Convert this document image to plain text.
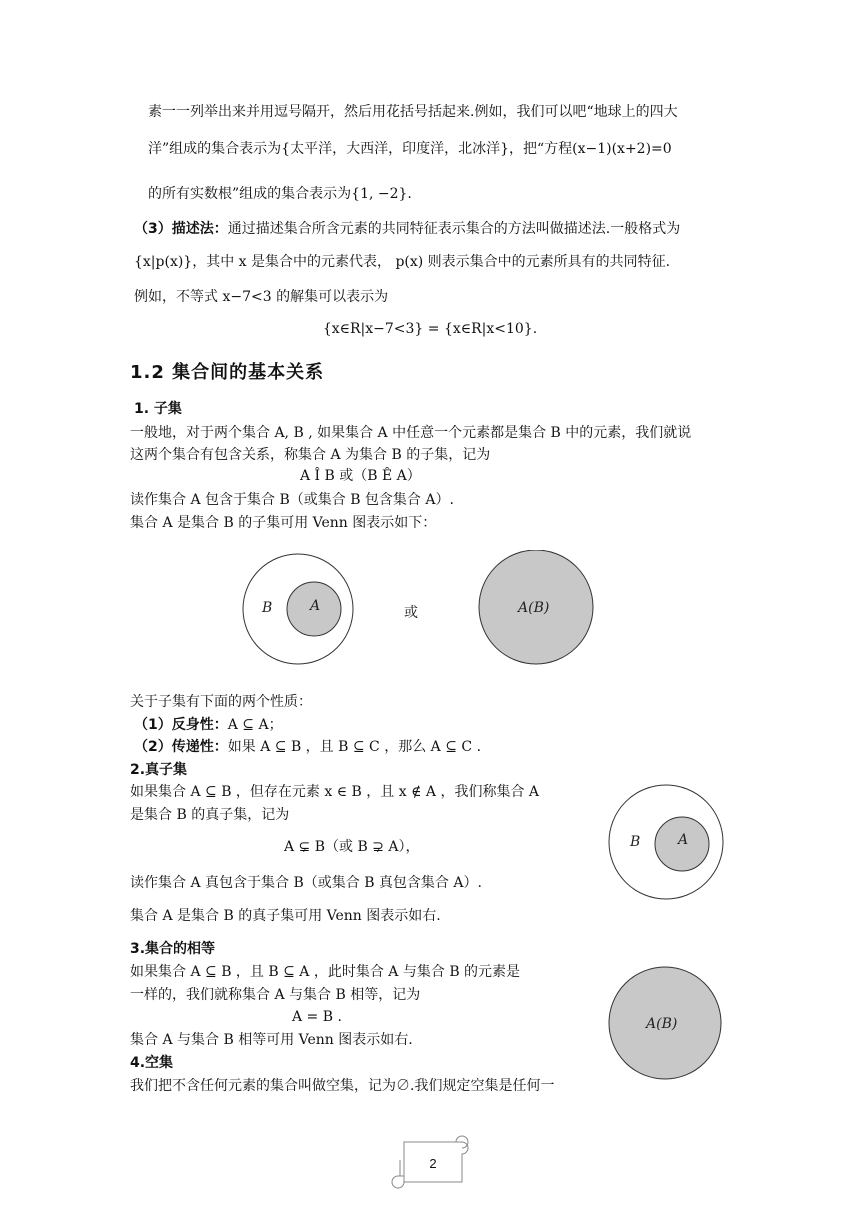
素一一列举出来并用逗号隔开，然后用花括号括起来.例如，我们可以吧“地球上的四大
洋”组成的集合表示为{太平洋，大西洋，印度洋，北冰洋}，把“方程(x−1)(x+2)=0
的所有实数根”组成的集合表示为{1, −2}.
（3）描述法：通过描述集合所含元素的共同特征表示集合的方法叫做描述法.一般格式为
{x|p(x)}，其中 x 是集合中的元素代表， p(x) 则表示集合中的元素所具有的共同特征.
例如，不等式 x−7<3 的解集可以表示为
{x∈R|x−7<3} = {x∈R|x<10}.
1.2 集合间的基本关系
1. 子集
一般地，对于两个集合 A, B , 如果集合 A 中任意一个元素都是集合 B 中的元素，我们就说
这两个集合有包含关系，称集合 A 为集合 B 的子集，记为
A Î B 或（B Ê A）
读作集合 A 包含于集合 B（或集合 B 包含集合 A）.
集合 A 是集合 B 的子集可用 Venn 图表示如下：
B	A	或	A(B)
关于子集有下面的两个性质：
（1）反身性：A ⊆ A；
（2）传递性：如果 A ⊆ B ，且 B ⊆ C ，那么 A ⊆ C .
2.真子集
如果集合 A ⊆ B ，但存在元素 x ∈ B ，且 x ∉ A ，我们称集合 A
是集合 B 的真子集，记为
A ⊊ B（或 B ⊋ A），
读作集合 A 真包含于集合 B（或集合 B 真包含集合 A）.
集合 A 是集合 B 的真子集可用 Venn 图表示如右.
B	A
3.集合的相等
如果集合 A ⊆ B ，且 B ⊆ A ，此时集合 A 与集合 B 的元素是
一样的，我们就称集合 A 与集合 B 相等，记为
A = B .
集合 A 与集合 B 相等可用 Venn 图表示如右.
A(B)
4.空集
我们把不含任何元素的集合叫做空集，记为∅.我们规定空集是任何一
2
